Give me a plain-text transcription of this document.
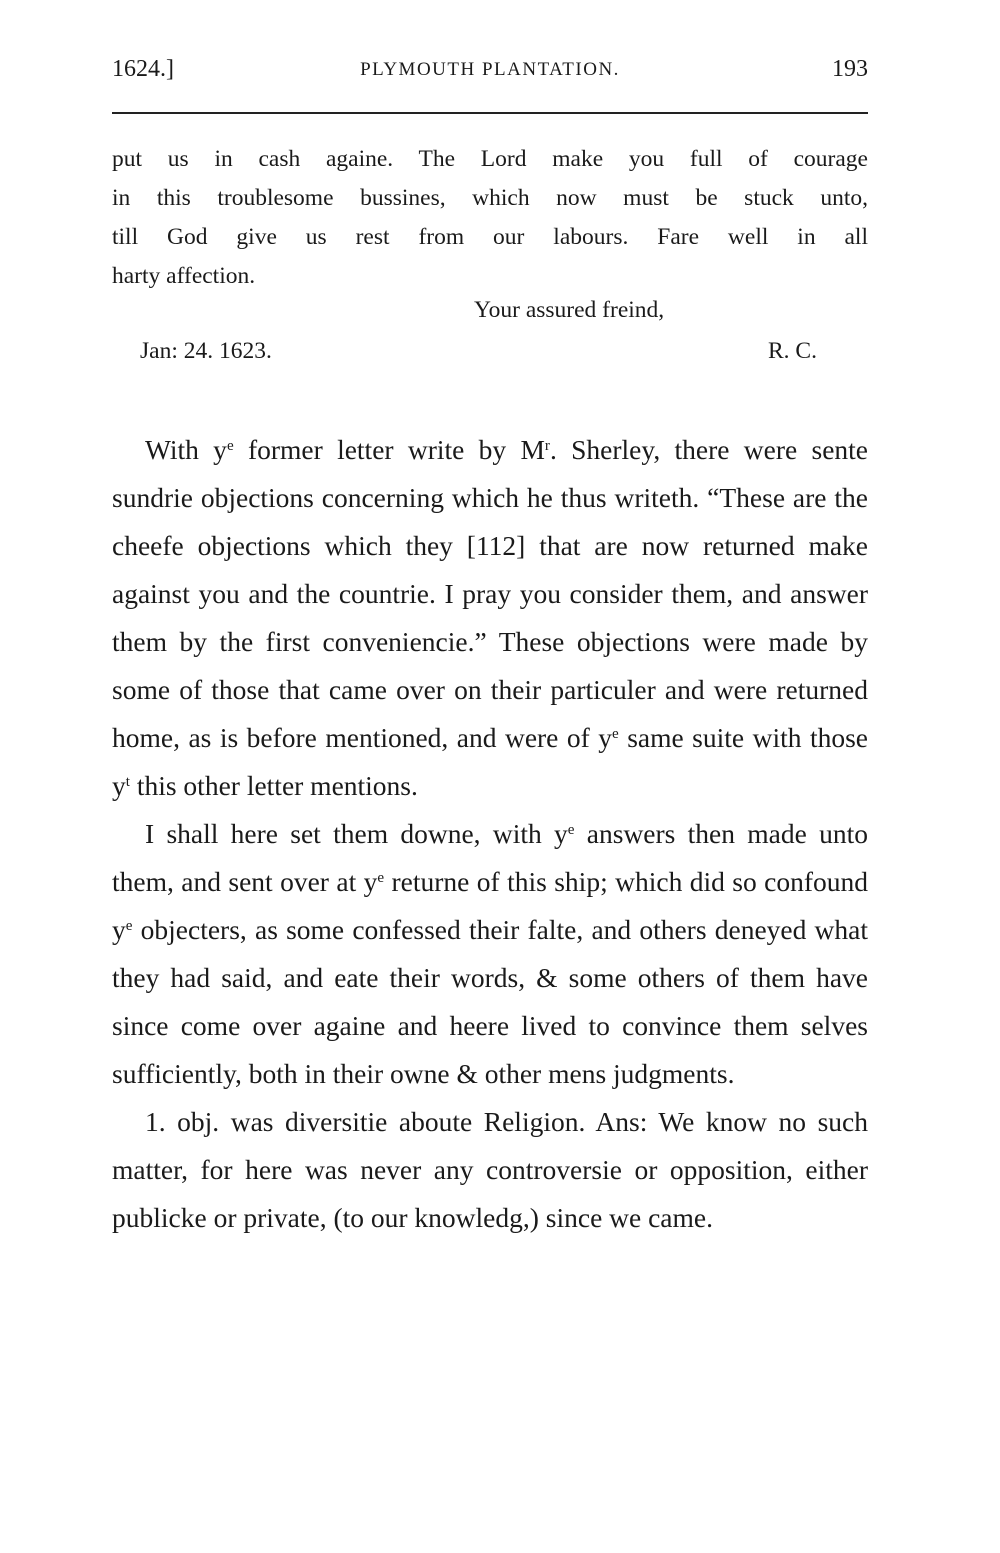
1624.]	PLYMOUTH PLANTATION.	193

put us in cash againe. The Lord make you full of courage

in this troublesome bussines, which now must be stuck unto,

till God give us rest from our labours. Fare well in all

harty affection.

Your assured freind,
Jan: 24. 1623.	R. C.

With $y^e$ former letter write by $M^r$. Sherley, there were sente sundrie objections concerning which he thus writeth. “These are the cheefe objections which they [112] that are now returned make against you and the countrie. I pray you consider them, and answer them by the first conveniencie.” These objections were made by some of those that came over on their particuler and were returned home, as is before mentioned, and were of $y^e$ same suite with those $y^t$ this other letter mentions.

I shall here set them downe, with $y^e$ answers then made unto them, and sent over at $y^e$ returne of this ship; which did so confound $y^e$ objecters, as some confessed their falte, and others deneyed what they had said, and eate their words, & some others of them have since come over againe and heere lived to convince them selves sufficiently, both in their owne & other mens judgments.

1. obj. was diversitie aboute Religion. Ans: We know no such matter, for here was never any controversie or opposition, either publicke or private, (to our knowledg,) since we came.
